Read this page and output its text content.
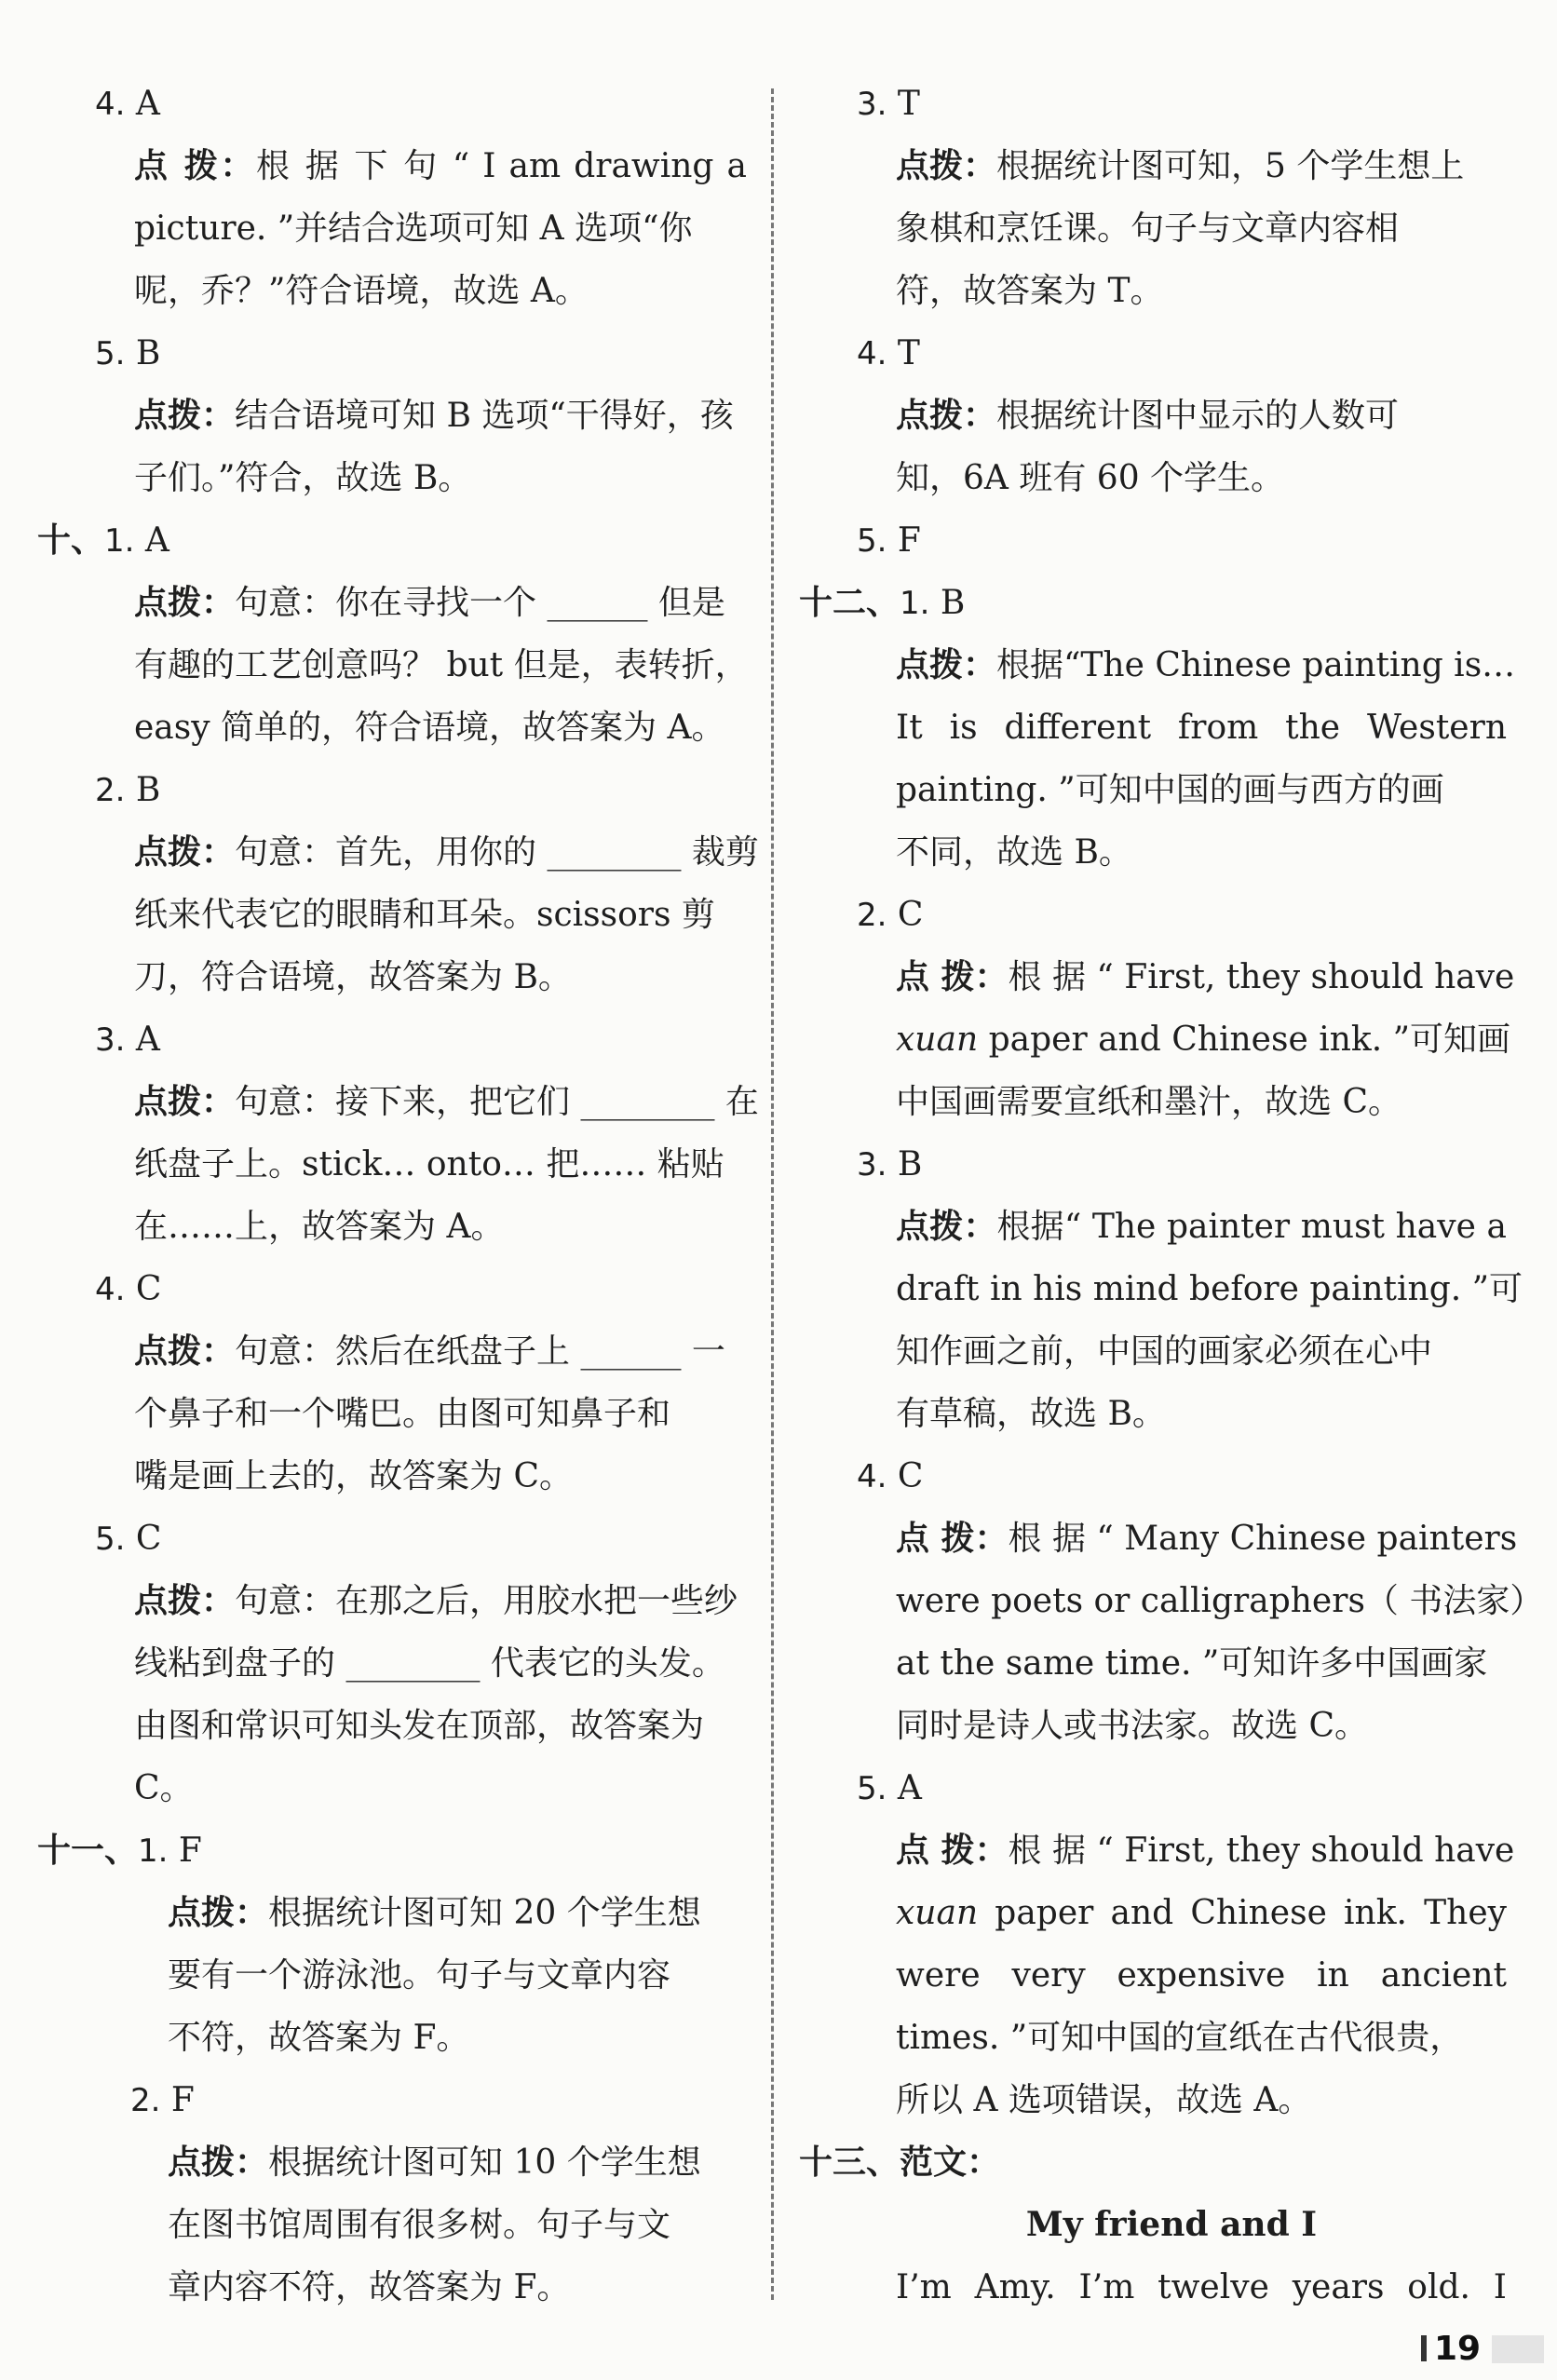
4. A
点 拨：根 据 下 句 “ I am drawing a
picture. ”并结合选项可知 A 选项“你
呢，乔？”符合语境，故选 A。
5. B
点拨：结合语境可知 B 选项“干得好，孩
子们。”符合，故选 B。
十、1. A
点拨：句意：你在寻找一个 ______ 但是
有趣的工艺创意吗？ but 但是，表转折，
easy 简单的，符合语境，故答案为 A。
2. B
点拨：句意：首先，用你的 ________ 裁剪
纸来代表它的眼睛和耳朵。scissors 剪
刀，符合语境，故答案为 B。
3. A
点拨：句意：接下来，把它们 ________ 在
纸盘子上。stick… onto… 把…… 粘贴
在……上，故答案为 A。
4. C
点拨：句意：然后在纸盘子上 ______ 一
个鼻子和一个嘴巴。由图可知鼻子和
嘴是画上去的，故答案为 C。
5. C
点拨：句意：在那之后，用胶水把一些纱
线粘到盘子的 ________ 代表它的头发。
由图和常识可知头发在顶部，故答案为
C。
十一、1. F
点拨：根据统计图可知 20 个学生想
要有一个游泳池。句子与文章内容
不符，故答案为 F。
2. F
点拨：根据统计图可知 10 个学生想
在图书馆周围有很多树。句子与文
章内容不符，故答案为 F。
3. T
点拨：根据统计图可知，5 个学生想上
象棋和烹饪课。句子与文章内容相
符，故答案为 T。
4. T
点拨：根据统计图中显示的人数可
知，6A 班有 60 个学生。
5. F
十二、1. B
点拨：根据“The Chinese painting is…
It is different from the Western
painting. ”可知中国的画与西方的画
不同，故选 B。
2. C
点 拨：根 据 “ First, they should have
xuan paper and Chinese ink. ”可知画
中国画需要宣纸和墨汁，故选 C。
3. B
点拨：根据“ The painter must have a
draft in his mind before painting. ”可
知作画之前，中国的画家必须在心中
有草稿，故选 B。
4. C
点 拨：根 据 “ Many Chinese painters
were poets or calligraphers（ 书法家）
at the same time. ”可知许多中国画家
同时是诗人或书法家。故选 C。
5. A
点 拨：根 据 “ First, they should have
xuan paper and Chinese ink. They
were very expensive in ancient
times. ”可知中国的宣纸在古代很贵，
所以 A 选项错误，故选 A。
十三、范文：
My friend and I
I’m Amy. I’m twelve years old. I
19
